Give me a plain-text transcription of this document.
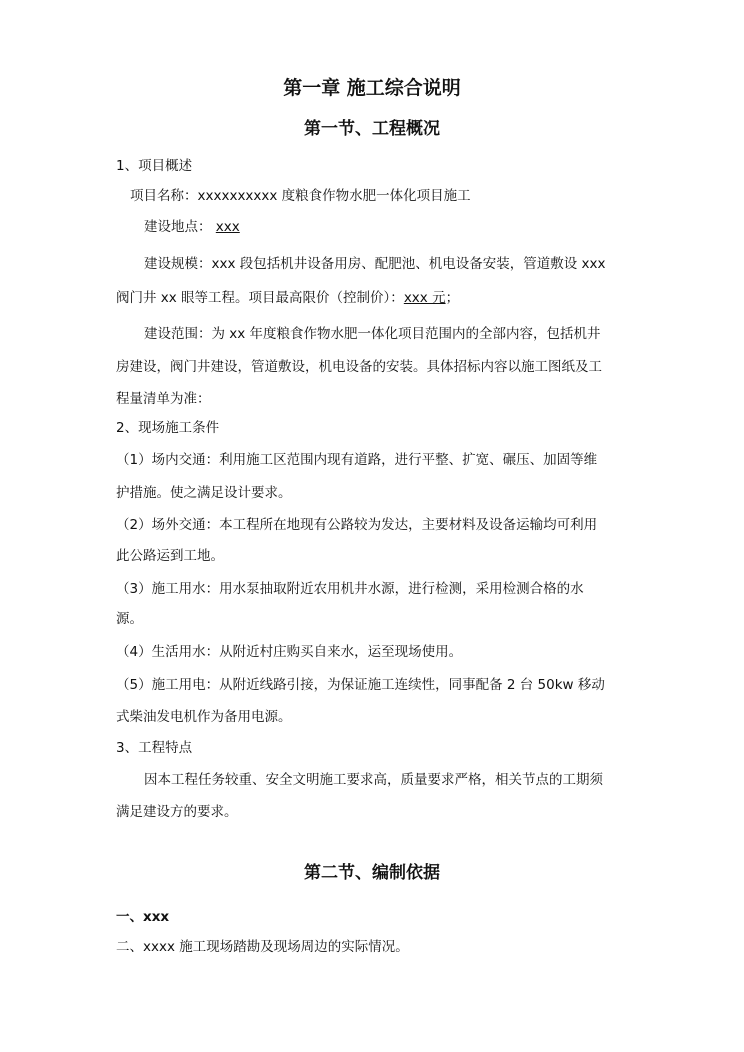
第一章 施工综合说明
第一节、工程概况
1、项目概述
项目名称：xxxxxxxxxx 度粮食作物水肥一体化项目施工
建设地点： xxx
建设规模：xxx 段包括机井设备用房、配肥池、机电设备安装，管道敷设 xxx
阀门井 xx 眼等工程。项目最高限价（控制价）：xxx 元；
建设范围：为 xx 年度粮食作物水肥一体化项目范围内的全部内容，包括机井
房建设，阀门井建设，管道敷设，机电设备的安装。具体招标内容以施工图纸及工
程量清单为准：
2、现场施工条件
（1）场内交通：利用施工区范围内现有道路，进行平整、扩宽、碾压、加固等维
护措施。使之满足设计要求。
（2）场外交通：本工程所在地现有公路较为发达，主要材料及设备运输均可利用
此公路运到工地。
（3）施工用水：用水泵抽取附近农用机井水源，进行检测，采用检测合格的水
源。
（4）生活用水：从附近村庄购买自来水，运至现场使用。
（5）施工用电：从附近线路引接，为保证施工连续性，同事配备 2 台 50kw 移动
式柴油发电机作为备用电源。
3、工程特点
因本工程任务较重、安全文明施工要求高，质量要求严格，相关节点的工期须
满足建设方的要求。
第二节、编制依据
一、xxx
二、xxxx 施工现场踏勘及现场周边的实际情况。
